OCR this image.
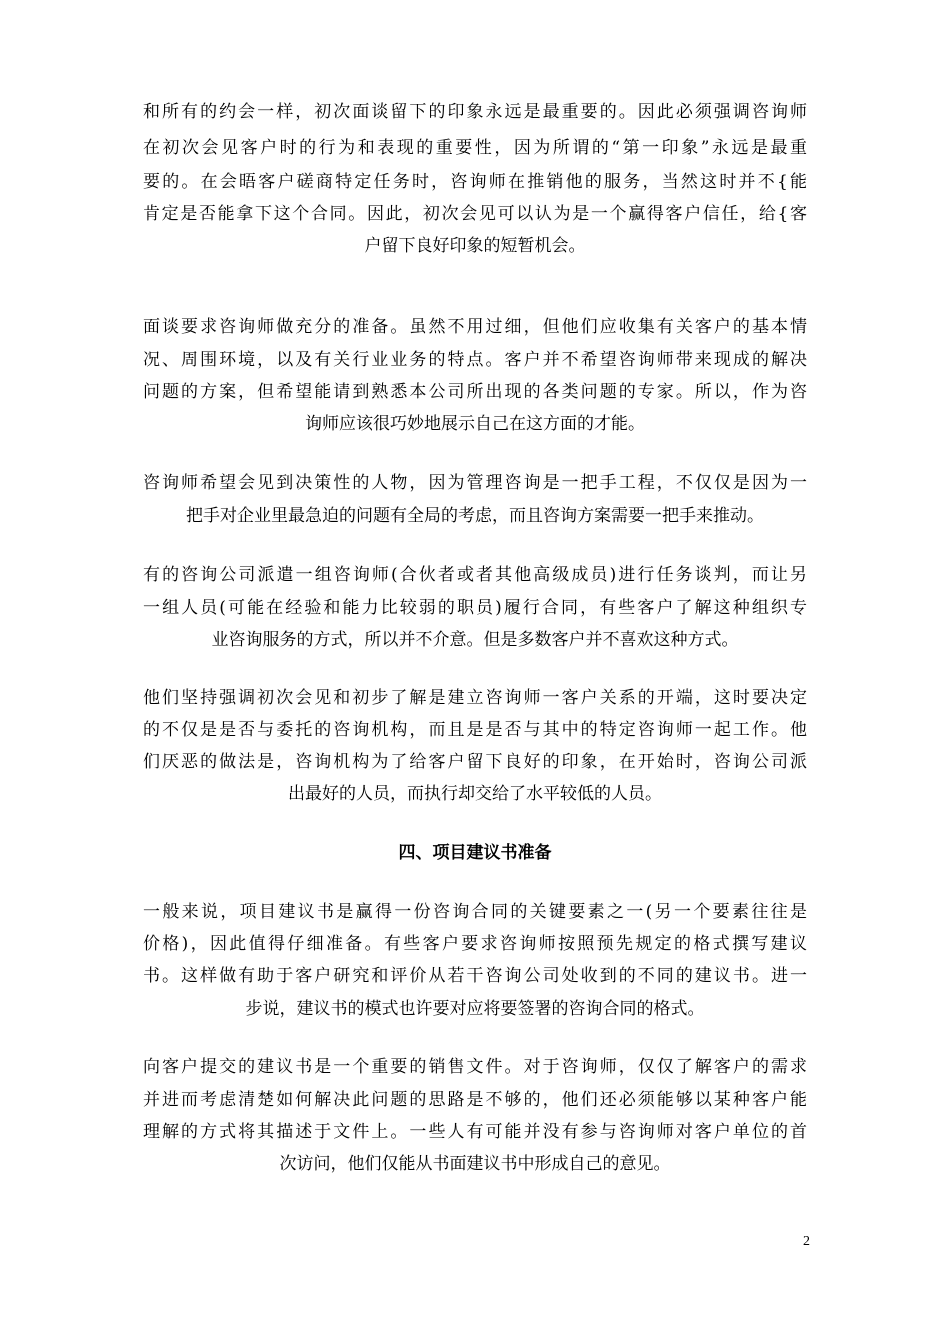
和所有的约会一样，初次面谈留下的印象永远是最重要的。因此必须强调咨询师
在初次会见客户时的行为和表现的重要性，因为所谓的“第一印象”永远是最重
要的。在会晤客户磋商特定任务时，咨询师在推销他的服务，当然这时并不{能
肯定是否能拿下这个合同。因此，初次会见可以认为是一个赢得客户信任，给{客
户留下良好印象的短暂机会。
面谈要求咨询师做充分的准备。虽然不用过细，但他们应收集有关客户的基本情
况、周围环境，以及有关行业业务的特点。客户并不希望咨询师带来现成的解决
问题的方案，但希望能请到熟悉本公司所出现的各类问题的专家。所以，作为咨
询师应该很巧妙地展示自己在这方面的才能。
咨询师希望会见到决策性的人物，因为管理咨询是一把手工程，不仅仅是因为一
把手对企业里最急迫的问题有全局的考虑，而且咨询方案需要一把手来推动。
有的咨询公司派遣一组咨询师(合伙者或者其他高级成员)进行任务谈判，而让另
一组人员(可能在经验和能力比较弱的职员)履行合同，有些客户了解这种组织专
业咨询服务的方式，所以并不介意。但是多数客户并不喜欢这种方式。
他们坚持强调初次会见和初步了解是建立咨询师一客户关系的开端，这时要决定
的不仅是是否与委托的咨询机构，而且是是否与其中的特定咨询师一起工作。他
们厌恶的做法是，咨询机构为了给客户留下良好的印象，在开始时，咨询公司派
出最好的人员，而执行却交给了水平较低的人员。
四、项目建议书准备
一般来说，项目建议书是赢得一份咨询合同的关键要素之一(另一个要素往往是
价格)，因此值得仔细准备。有些客户要求咨询师按照预先规定的格式撰写建议
书。这样做有助于客户研究和评价从若干咨询公司处收到的不同的建议书。进一
步说，建议书的模式也许要对应将要签署的咨询合同的格式。
向客户提交的建议书是一个重要的销售文件。对于咨询师，仅仅了解客户的需求
并进而考虑清楚如何解决此问题的思路是不够的，他们还必须能够以某种客户能
理解的方式将其描述于文件上。一些人有可能并没有参与咨询师对客户单位的首
次访问，他们仅能从书面建议书中形成自己的意见。
2
